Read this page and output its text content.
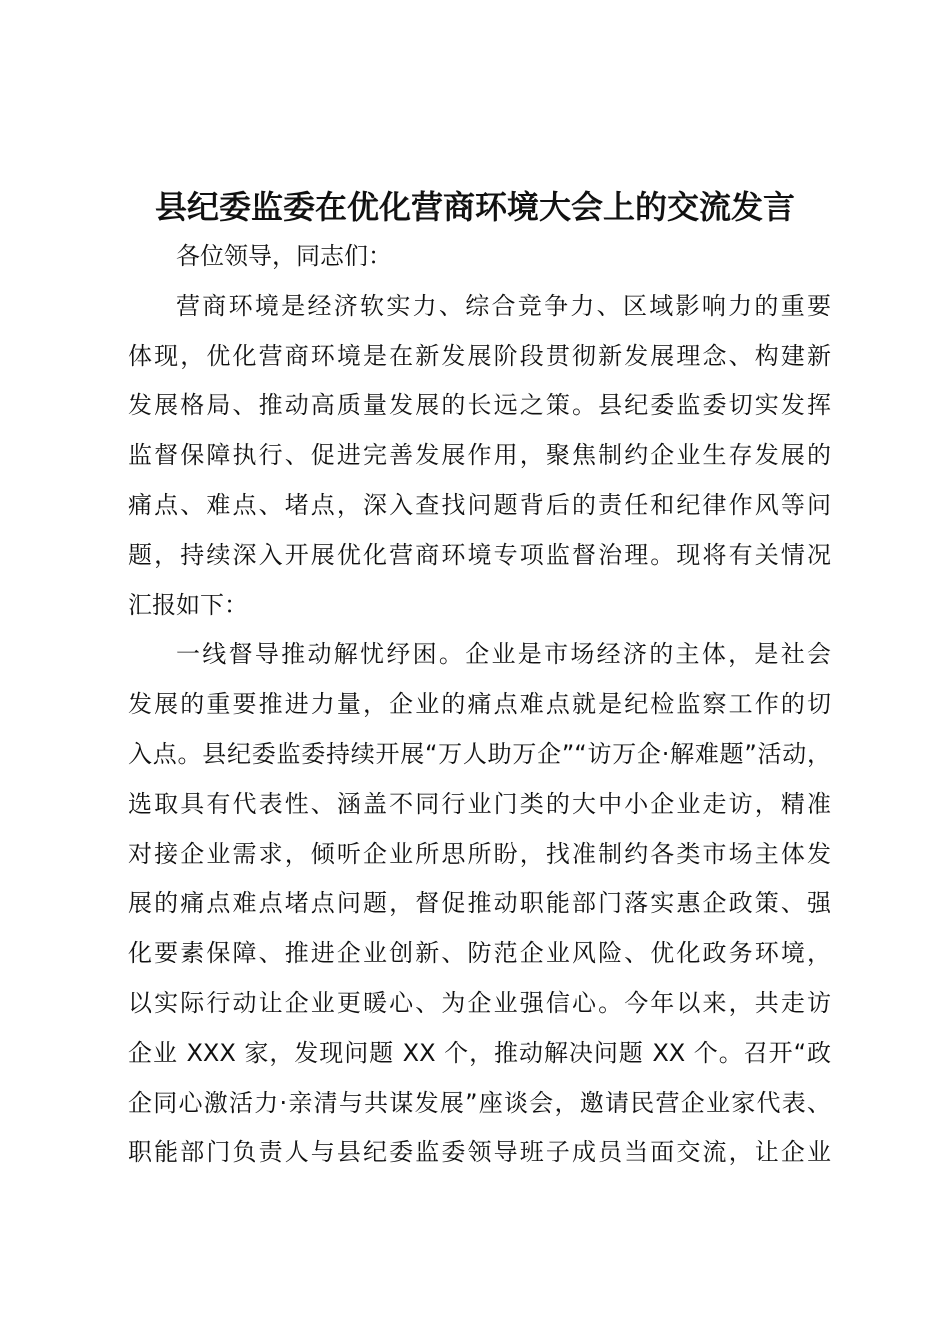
县纪委监委在优化营商环境大会上的交流发言
各位领导，同志们：
营商环境是经济软实力、综合竞争力、区域影响力的重要
体现，优化营商环境是在新发展阶段贯彻新发展理念、构建新
发展格局、推动高质量发展的长远之策。县纪委监委切实发挥
监督保障执行、促进完善发展作用，聚焦制约企业生存发展的
痛点、难点、堵点，深入查找问题背后的责任和纪律作风等问
题，持续深入开展优化营商环境专项监督治理。现将有关情况
汇报如下：
一线督导推动解忧纾困。企业是市场经济的主体，是社会
发展的重要推进力量，企业的痛点难点就是纪检监察工作的切
入点。县纪委监委持续开展“万人助万企”“访万企·解难题”活动，
选取具有代表性、涵盖不同行业门类的大中小企业走访，精准
对接企业需求，倾听企业所思所盼，找准制约各类市场主体发
展的痛点难点堵点问题，督促推动职能部门落实惠企政策、强
化要素保障、推进企业创新、防范企业风险、优化政务环境，
以实际行动让企业更暖心、为企业强信心。今年以来，共走访
企业 XXX 家，发现问题 XX 个，推动解决问题 XX 个。召开“政
企同心激活力·亲清与共谋发展”座谈会，邀请民营企业家代表、
职能部门负责人与县纪委监委领导班子成员当面交流，让企业
